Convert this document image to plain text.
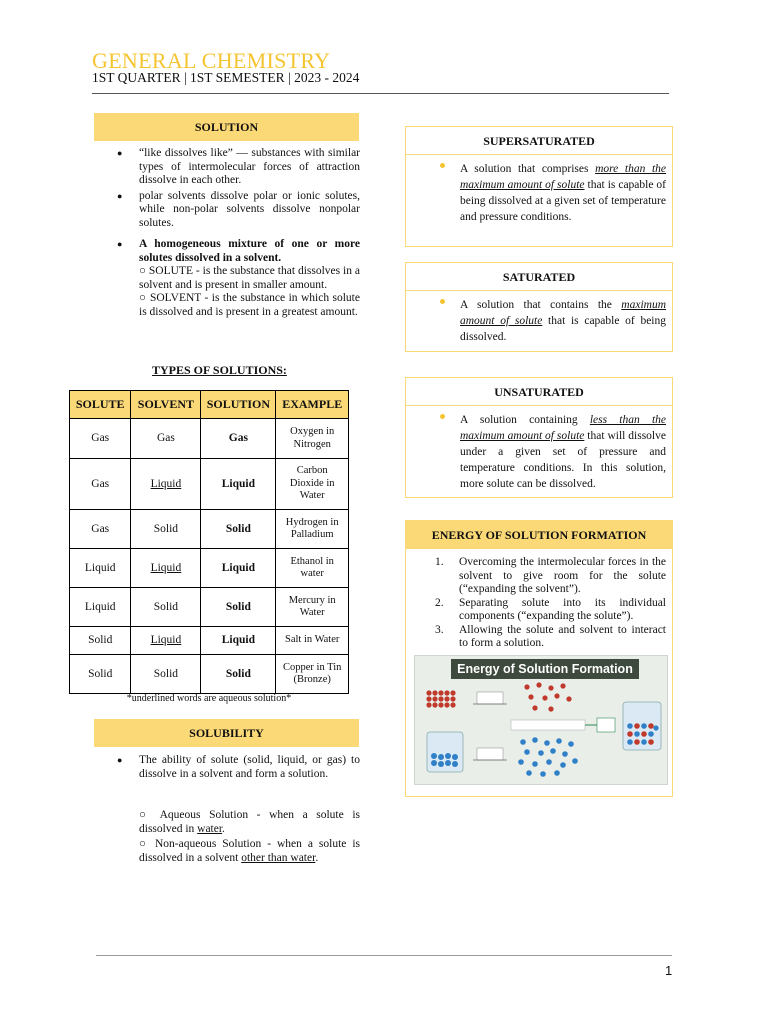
GENERAL CHEMISTRY
1ST QUARTER | 1ST SEMESTER | 2023 - 2024
SOLUTION
● “like dissolves like” — substances with similar types of intermolecular forces of attraction dissolve in each other.
● polar solvents dissolve polar or ionic solutes, while non-polar solvents dissolve nonpolar solutes.
● A homogeneous mixture of one or more solutes dissolved in a solvent.
○ SOLUTE - is the substance that dissolves in a solvent and is present in smaller amount.
○ SOLVENT - is the substance in which solute is dissolved and is present in a greatest amount.
TYPES OF SOLUTIONS:
SOLUTE	SOLVENT	SOLUTION	EXAMPLE
Gas	Gas	Gas	Oxygen in Nitrogen
Gas	Liquid	Liquid	Carbon Dioxide in Water
Gas	Solid	Solid	Hydrogen in Palladium
Liquid	Liquid	Liquid	Ethanol in water
Liquid	Solid	Solid	Mercury in Water
Solid	Liquid	Liquid	Salt in Water
Solid	Solid	Solid	Copper in Tin (Bronze)
*underlined words are aqueous solution*
SOLUBILITY
● The ability of solute (solid, liquid, or gas) to dissolve in a solvent and form a solution.
○ Aqueous Solution - when a solute is dissolved in water.
○ Non-aqueous Solution - when a solute is dissolved in a solvent other than water.
SUPERSATURATED
A solution that comprises more than the maximum amount of solute that is capable of being dissolved at a given set of temperature and pressure conditions.
SATURATED
A solution that contains the maximum amount of solute that is capable of being dissolved.
UNSATURATED
A solution containing less than the maximum amount of solute that will dissolve under a given set of pressure and temperature conditions. In this solution, more solute can be dissolved.
ENERGY OF SOLUTION FORMATION
1. Overcoming the intermolecular forces in the solvent to give room for the solute (“expanding the solvent”).
2. Separating solute into its individual components (“expanding the solute”).
3. Allowing the solute and solvent to interact to form a solution.
Energy of Solution Formation
1
